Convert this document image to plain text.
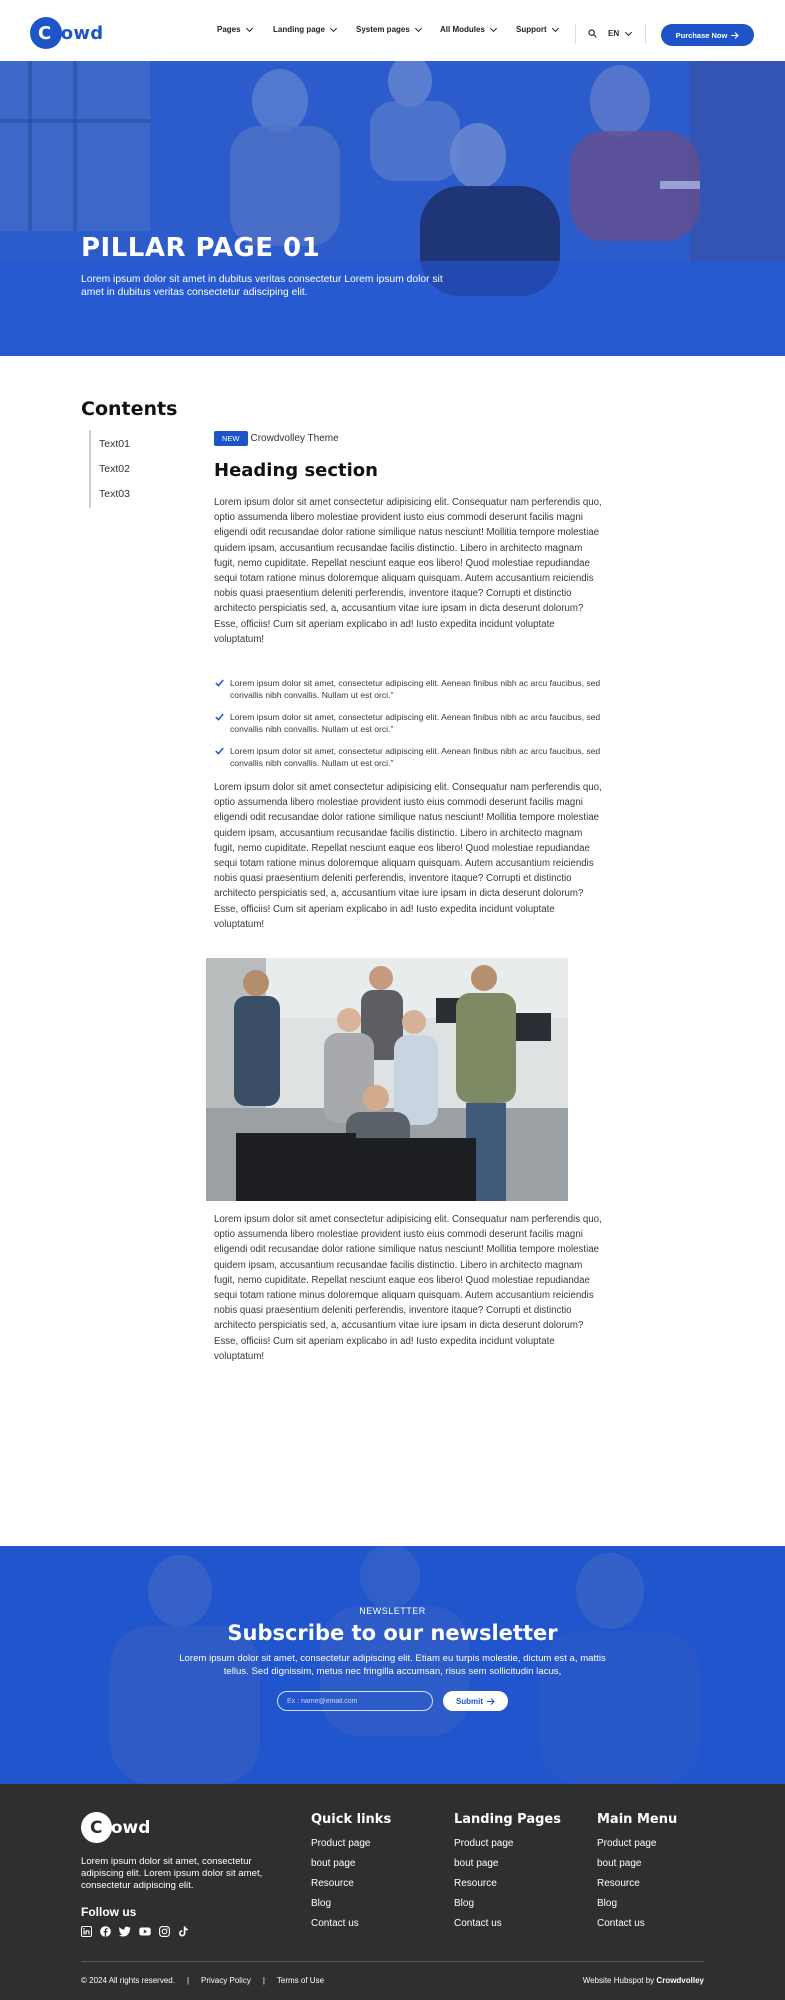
Crowd	Pages	Landing page	System pages	All Modules	Support	EN	Purchase Now
PILLAR PAGE 01

Lorem ipsum dolor sit amet in dubitus veritas consectetur Lorem ipsum dolor sit amet in dubitus veritas consectetur adisciping elit.

Contents
Text01
Text02
Text03
NEW	Crowdvolley Theme
Heading section

Lorem ipsum dolor sit amet consectetur adipisicing elit. Consequatur nam perferendis quo, optio assumenda libero molestiae provident iusto eius commodi deserunt facilis magni eligendi odit recusandae dolor ratione similique natus nesciunt! Mollitia tempore molestiae quidem ipsam, accusantium recusandae facilis distinctio. Libero in architecto magnam fugit, nemo cupiditate. Repellat nesciunt eaque eos libero! Quod molestiae repudiandae sequi totam ratione minus doloremque aliquam quisquam. Autem accusantium reiciendis nobis quasi praesentium deleniti perferendis, inventore itaque? Corrupti et distinctio architecto perspiciatis sed, a, accusantium vitae iure ipsam in dicta deserunt dolorum? Esse, officiis! Cum sit aperiam explicabo in ad! Iusto expedita incidunt voluptate voluptatum!

Lorem ipsum dolor sit amet, consectetur adipiscing elit. Aenean finibus nibh ac arcu faucibus, sed convallis nibh convallis. Nullam ut est orci."
Lorem ipsum dolor sit amet, consectetur adipiscing elit. Aenean finibus nibh ac arcu faucibus, sed convallis nibh convallis. Nullam ut est orci."
Lorem ipsum dolor sit amet, consectetur adipiscing elit. Aenean finibus nibh ac arcu faucibus, sed convallis nibh convallis. Nullam ut est orci."

Lorem ipsum dolor sit amet consectetur adipisicing elit. Consequatur nam perferendis quo, optio assumenda libero molestiae provident iusto eius commodi deserunt facilis magni eligendi odit recusandae dolor ratione similique natus nesciunt! Mollitia tempore molestiae quidem ipsam, accusantium recusandae facilis distinctio. Libero in architecto magnam fugit, nemo cupiditate. Repellat nesciunt eaque eos libero! Quod molestiae repudiandae sequi totam ratione minus doloremque aliquam quisquam. Autem accusantium reiciendis nobis quasi praesentium deleniti perferendis, inventore itaque? Corrupti et distinctio architecto perspiciatis sed, a, accusantium vitae iure ipsam in dicta deserunt dolorum? Esse, officiis! Cum sit aperiam explicabo in ad! Iusto expedita incidunt voluptate voluptatum!

Lorem ipsum dolor sit amet consectetur adipisicing elit. Consequatur nam perferendis quo, optio assumenda libero molestiae provident iusto eius commodi deserunt facilis magni eligendi odit recusandae dolor ratione similique natus nesciunt! Mollitia tempore molestiae quidem ipsam, accusantium recusandae facilis distinctio. Libero in architecto magnam fugit, nemo cupiditate. Repellat nesciunt eaque eos libero! Quod molestiae repudiandae sequi totam ratione minus doloremque aliquam quisquam. Autem accusantium reiciendis nobis quasi praesentium deleniti perferendis, inventore itaque? Corrupti et distinctio architecto perspiciatis sed, a, accusantium vitae iure ipsam in dicta deserunt dolorum? Esse, officiis! Cum sit aperiam explicabo in ad! Iusto expedita incidunt voluptate voluptatum!

NEWSLETTER
Subscribe to our newsletter

Lorem ipsum dolor sit amet, consectetur adipiscing elit. Etiam eu turpis molestie, dictum est a, mattis tellus. Sed dignissim, metus nec fringilla accumsan, risus sem sollicitudin lacus,

Ex : name@email.com
Submit
Crowd

Lorem ipsum dolor sit amet, consectetur adipiscing elit. Lorem ipsum dolor sit amet, consectetur adipiscing elit.

Follow us
Quick links
Product page
bout page
Resource
Blog
Contact us
Landing Pages
Product page
bout page
Resource
Blog
Contact us
Main Menu
Product page
bout page
Resource
Blog
Contact us
© 2024 All rights reserved. | Privacy Policy | Terms of Use	Website Hubspot by Crowdvolley
